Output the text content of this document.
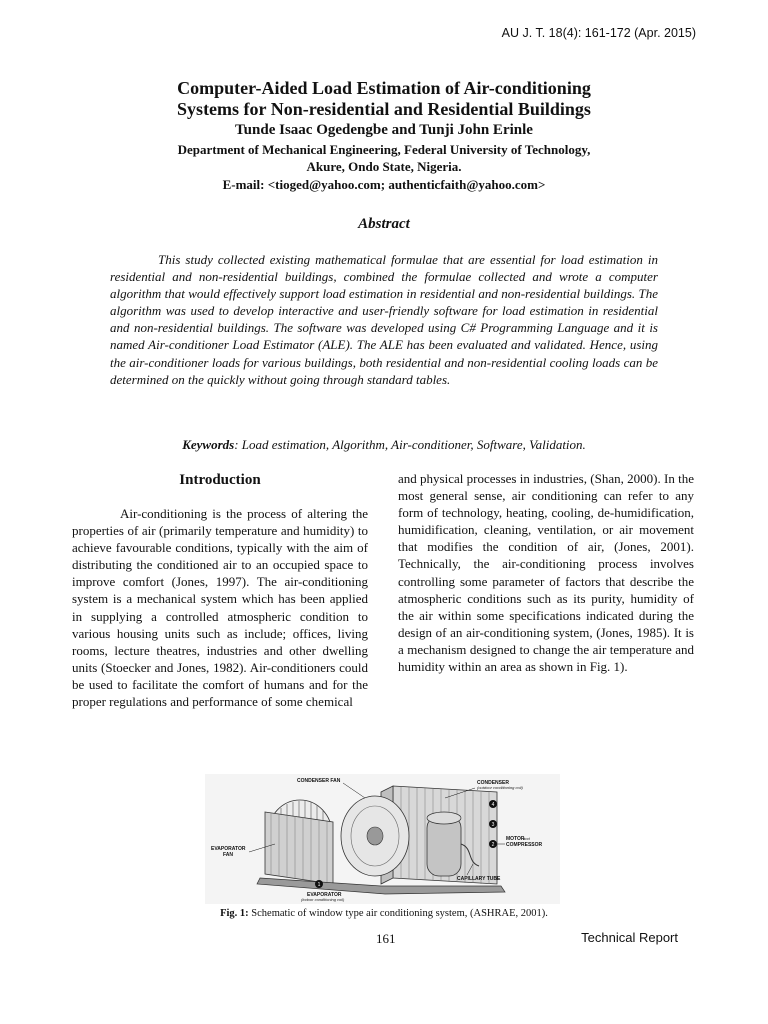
AU J. T. 18(4): 161-172 (Apr. 2015)
Computer-Aided Load Estimation of Air-conditioning
Systems for Non-residential and Residential Buildings
Tunde Isaac Ogedengbe and Tunji John Erinle
Department of Mechanical Engineering, Federal University of Technology,
Akure, Ondo State, Nigeria.
E-mail: <tioged@yahoo.com; authenticfaith@yahoo.com>
Abstract

This study collected existing mathematical formulae that are essential for load estimation in residential and non-residential buildings, combined the formulae collected and wrote a computer algorithm that would effectively support load estimation in residential and non-residential buildings. The algorithm was used to develop interactive and user-friendly software for load estimation in residential and non-residential buildings. The software was developed using C# Programming Language and it is named Air-conditioner Load Estimator (ALE). The ALE has been evaluated and validated. Hence, using the air-conditioner loads for various buildings, both residential and non-residential cooling loads can be determined on the quickly without going through standard tables.

Keywords: Load estimation, Algorithm, Air-conditioner, Software, Validation.

Introduction

Air-conditioning is the process of altering the properties of air (primarily temperature and humidity) to achieve favourable conditions, typically with the aim of distributing the conditioned air to an occupied space to improve comfort (Jones, 1997). The air-conditioning system is a mechanical system which has been applied in supplying a controlled atmospheric condition to various housing units such as include; offices, living rooms, lecture theatres, industries and other dwelling units (Stoecker and Jones, 1982). Air-conditioners could be used to facilitate the comfort of humans and for the proper regulations and performance of some chemical

and physical processes in industries, (Shan, 2000). In the most general sense, air conditioning can refer to any form of technology, heating, cooling, de-humidification, humidification, cleaning, ventilation, or air movement that modifies the condition of air, (Jones, 2001). Technically, the air-conditioning process involves controlling some parameter of factors that describe the atmospheric conditions such as its purity, humidity of the air within some specifications indicated during the design of an air-conditioning system, (Jones, 1985). It is a mechanism designed to change the air temperature and humidity within an area as shown in Fig. 1).

CONDENSER FAN	CONDENSER
(outdoor conditioning coil)
4
3
2
MOTOR
and
COMPRESSOR
EVAPORATOR
FAN
CAPILLARY TUBE
1
EVAPORATOR
(indoor conditioning coil)
Fig. 1: Schematic of window type air conditioning system, (ASHRAE, 2001).
161	Technical Report
